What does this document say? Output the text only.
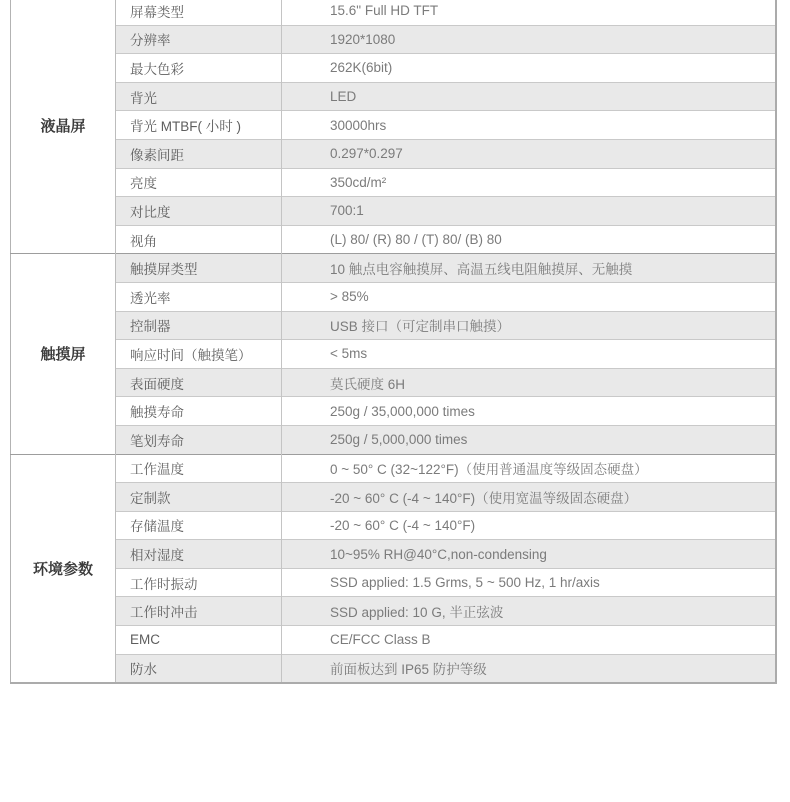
液晶屏	屏幕类型	15.6" Full HD TFT
	分辨率	1920*1080
	最大色彩	262K(6bit)
	背光	LED
	背光 MTBF( 小时 )	30000hrs
	像素间距	0.297*0.297
	亮度	350cd/m²
	对比度	700:1
	视角	(L) 80/ (R) 80 / (T) 80/ (B) 80
触摸屏	触摸屏类型	10 触点电容触摸屏、高温五线电阻触摸屏、无触摸
	透光率	> 85%
	控制器	USB 接口（可定制串口触摸）
	响应时间（触摸笔）	< 5ms
	表面硬度	莫氏硬度 6H
	触摸寿命	250g / 35,000,000 times
	笔划寿命	250g / 5,000,000 times
环境参数	工作温度	0 ~ 50° C (32~122°F)（使用普通温度等级固态硬盘）
	定制款	-20 ~ 60° C (-4 ~ 140°F)（使用宽温等级固态硬盘）
	存储温度	-20 ~ 60° C (-4 ~ 140°F)
	相对湿度	10~95% RH@40°C,non-condensing
	工作时振动	SSD applied: 1.5 Grms, 5 ~ 500 Hz, 1 hr/axis
	工作时冲击	SSD applied: 10 G, 半正弦波
	EMC	CE/FCC Class B
	防水	前面板达到 IP65 防护等级
